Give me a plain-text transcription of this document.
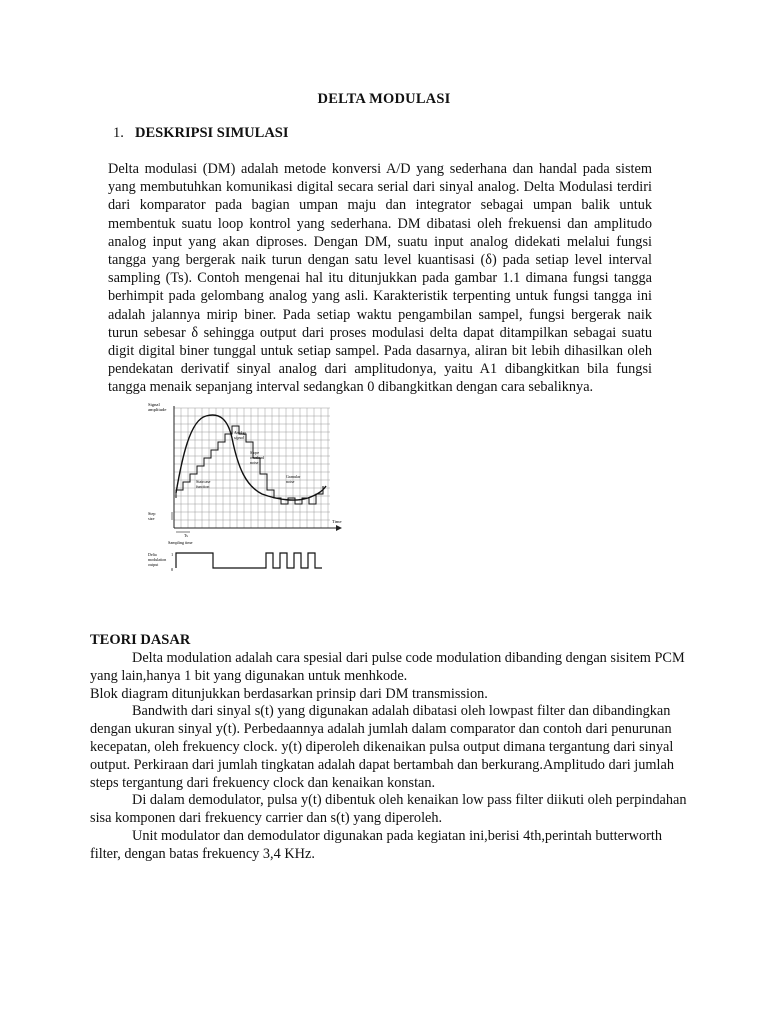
DELTA MODULASI
1. DESKRIPSI SIMULASI

Delta modulasi (DM) adalah metode konversi A/D yang sederhana dan handal pada sistem yang membutuhkan komunikasi digital secara serial dari sinyal analog. Delta Modulasi terdiri dari komparator pada bagian umpan maju dan integrator sebagai umpan balik untuk membentuk suatu loop kontrol yang sederhana. DM dibatasi oleh frekuensi dan amplitudo analog input yang akan diproses. Dengan DM, suatu input analog didekati melalui fungsi tangga yang bergerak naik turun dengan satu level kuantisasi (δ) pada setiap level interval sampling (Ts). Contoh mengenai hal itu ditunjukkan pada gambar 1.1 dimana fungsi tangga berhimpit pada gelombang analog yang asli. Karakteristik terpenting untuk fungsi tangga ini adalah jalannya mirip biner. Pada setiap waktu pengambilan sampel, fungsi bergerak naik turun sebesar δ sehingga output dari proses modulasi delta dapat ditampilkan sebagai suatu digit digital biner tunggal untuk setiap sampel. Pada dasarnya, aliran bit lebih dihasilkan oleh pendekatan derivatif sinyal analog dari amplitudonya, yaitu A1 dibangkitkan bila fungsi tangga menaik sepanjang interval sedangkan 0 dibangkitkan dengan cara sebaliknya.

Signal
amplitude
Analog
signal
Slope
overload
noise
Staircase
function
Granular
noise
Step
size
Time
Ts
Sampling time
Delta
modulation
output
1
0
TEORI DASAR

Delta modulation adalah cara spesial dari pulse code modulation dibanding dengan sisitem PCM yang lain,hanya 1 bit yang digunakan untuk menhkode.

Blok diagram ditunjukkan berdasarkan prinsip dari DM transmission.

Bandwith dari sinyal s(t) yang digunakan adalah dibatasi oleh lowpast filter dan dibandingkan dengan ukuran sinyal y(t). Perbedaannya adalah jumlah dalam comparator dan contoh dari penurunan kecepatan, oleh frekuency clock. y(t) diperoleh dikenaikan pulsa output dimana tergantung dari sinyal output. Perkiraan dari jumlah tingkatan adalah dapat bertambah dan berkurang.Amplitudo dari jumlah steps tergantung dari frekuency clock dan kenaikan konstan.

Di dalam demodulator, pulsa y(t) dibentuk oleh kenaikan low pass filter diikuti oleh perpindahan sisa komponen dari frekuency carrier dan s(t) yang diperoleh.

Unit modulator dan demodulator digunakan pada kegiatan ini,berisi 4th,perintah butterworth filter, dengan batas frekuency 3,4 KHz.
